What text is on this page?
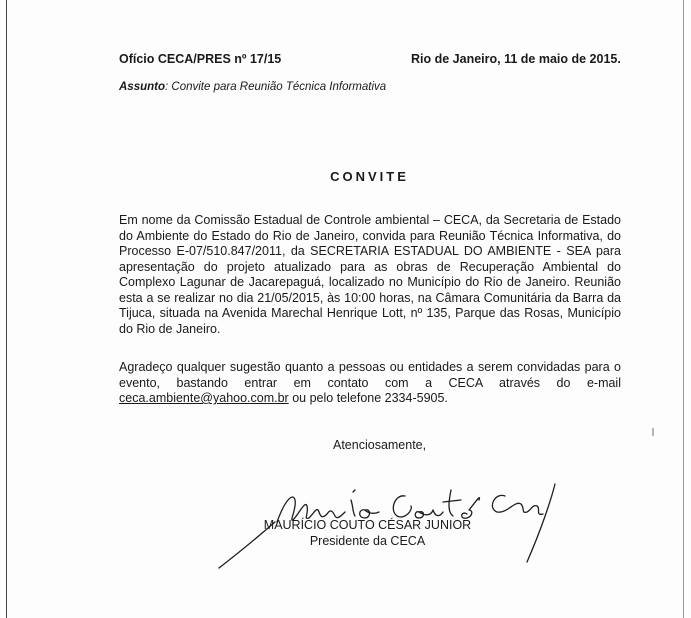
Ofício CECA/PRES nº 17/15	Rio de Janeiro, 11 de maio de 2015.
Assunto: Convite para Reunião Técnica Informativa
CONVITE
Em nome da Comissão Estadual de Controle ambiental – CECA, da Secretaria de Estado do Ambiente do Estado do Rio de Janeiro, convida para Reunião Técnica Informativa, do Processo E-07/510.847/2011, da SECRETARIA ESTADUAL DO AMBIENTE - SEA para apresentação do projeto atualizado para as obras de Recuperação Ambiental do Complexo Lagunar de Jacarepaguá, localizado no Município do Rio de Janeiro. Reunião esta a se realizar no dia 21/05/2015, às 10:00 horas, na Câmara Comunitária da Barra da Tijuca, situada na Avenida Marechal Henrique Lott, nº 135, Parque das Rosas, Município do Rio de Janeiro.
Agradeço qualquer sugestão quanto a pessoas ou entidades a serem convidadas para o evento, bastando entrar em contato com a CECA através do e-mail ceca.ambiente@yahoo.com.br ou pelo telefone 2334-5905.
Atenciosamente,
MAURÍCIO COUTO CÉSAR JUNIOR
Presidente da CECA
